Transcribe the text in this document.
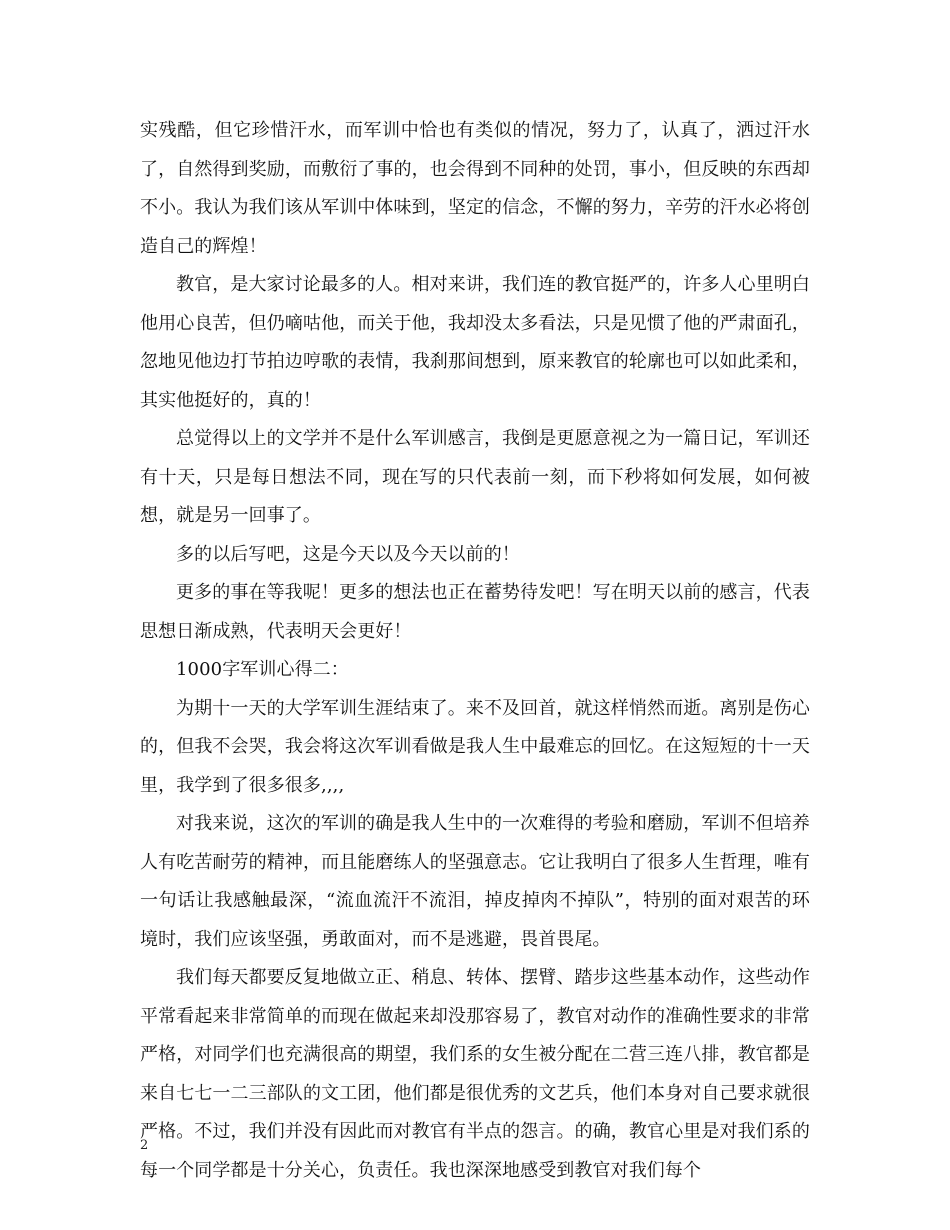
实残酷，但它珍惜汗水，而军训中恰也有类似的情况，努力了，认真了，洒过汗水了，自然得到奖励，而敷衍了事的，也会得到不同种的处罚，事小，但反映的东西却不小。我认为我们该从军训中体味到，坚定的信念，不懈的努力，辛劳的汗水必将创造自己的辉煌！

教官，是大家讨论最多的人。相对来讲，我们连的教官挺严的，许多人心里明白他用心良苦，但仍嘀咕他，而关于他，我却没太多看法，只是见惯了他的严肃面孔，忽地见他边打节拍边哼歌的表情，我刹那间想到，原来教官的轮廓也可以如此柔和，其实他挺好的，真的！

总觉得以上的文学并不是什么军训感言，我倒是更愿意视之为一篇日记，军训还有十天，只是每日想法不同，现在写的只代表前一刻，而下秒将如何发展，如何被想，就是另一回事了。

多的以后写吧，这是今天以及今天以前的！

更多的事在等我呢！更多的想法也正在蓄势待发吧！写在明天以前的感言，代表思想日渐成熟，代表明天会更好！

1000字军训心得二：

为期十一天的大学军训生涯结束了。来不及回首，就这样悄然而逝。离别是伤心的，但我不会哭，我会将这次军训看做是我人生中最难忘的回忆。在这短短的十一天里，我学到了很多很多,,,,

对我来说，这次的军训的确是我人生中的一次难得的考验和磨励，军训不但培养人有吃苦耐劳的精神，而且能磨练人的坚强意志。它让我明白了很多人生哲理，唯有一句话让我感触最深，“流血流汗不流泪，掉皮掉肉不掉队”，特别的面对艰苦的环境时，我们应该坚强，勇敢面对，而不是逃避，畏首畏尾。

我们每天都要反复地做立正、稍息、转体、摆臂、踏步这些基本动作，这些动作平常看起来非常简单的而现在做起来却没那容易了，教官对动作的准确性要求的非常严格，对同学们也充满很高的期望，我们系的女生被分配在二营三连八排，教官都是来自七七一二三部队的文工团，他们都是很优秀的文艺兵，他们本身对自己要求就很严格。不过，我们并没有因此而对教官有半点的怨言。的确，教官心里是对我们系的每一个同学都是十分关心，负责任。我也深深地感受到教官对我们每个

2
